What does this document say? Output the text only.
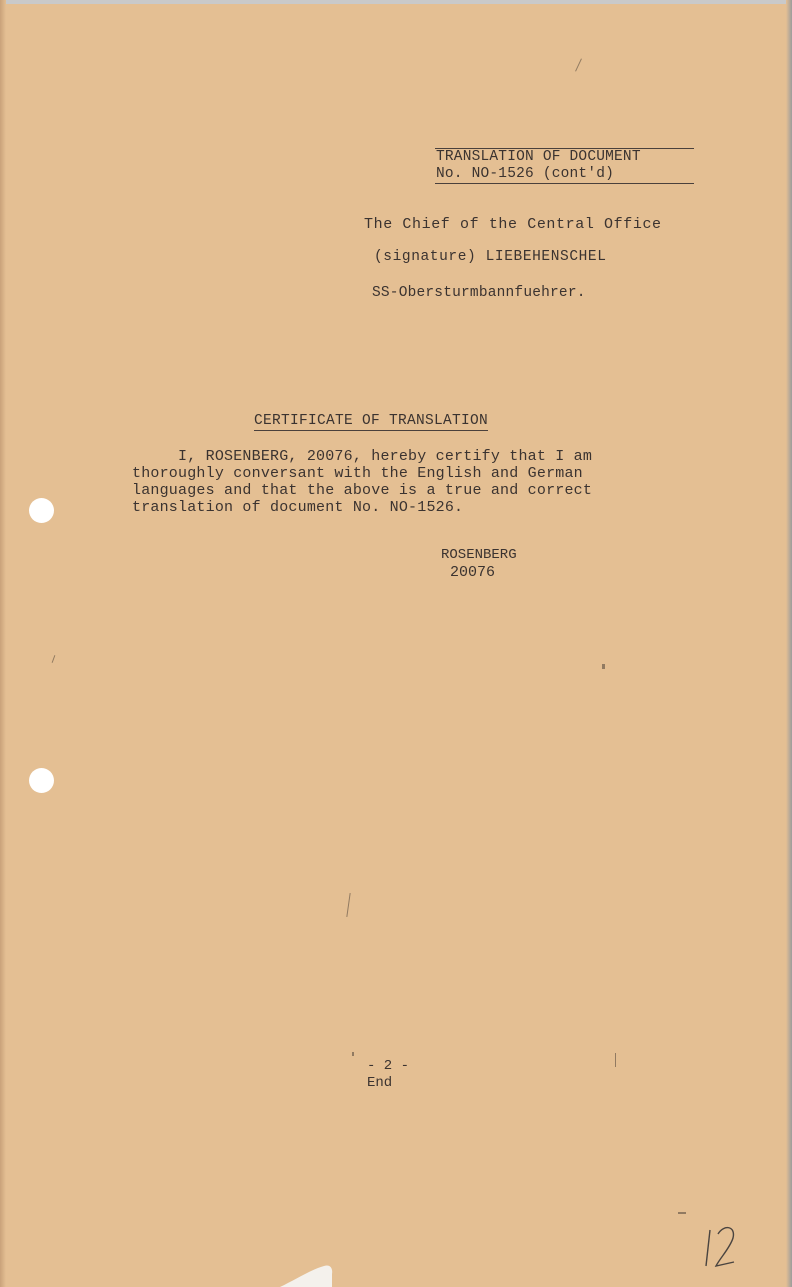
TRANSLATION OF DOCUMENT
No. NO-1526 (cont'd)
The Chief of the Central Office
(signature) LIEBEHENSCHEL
SS-Obersturmbannfuehrer.
CERTIFICATE OF TRANSLATION
I, ROSENBERG, 20076, hereby certify that I am
thoroughly conversant with the English and German
languages and that the above is a true and correct
translation of document No. NO-1526.
ROSENBERG
20076
- 2 -
End
